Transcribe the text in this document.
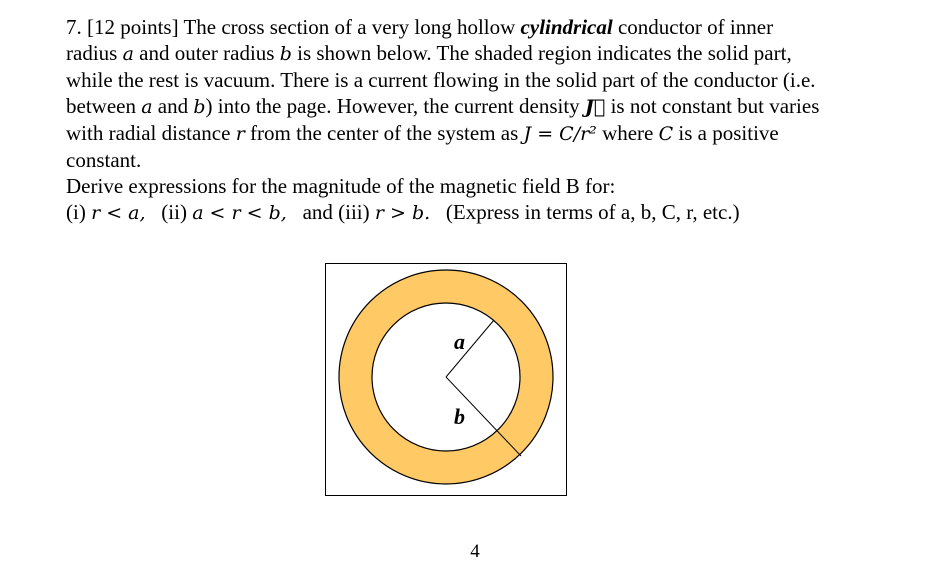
7. [12 points] The cross section of a very long hollow cylindrical conductor of inner
radius a and outer radius b is shown below. The shaded region indicates the solid part,
while the rest is vacuum. There is a current flowing in the solid part of the conductor (i.e.
between a and b) into the page. However, the current density J⃗ is not constant but varies
with radial distance r from the center of the system as J = C/r² where C is a positive
constant.
Derive expressions for the magnitude of the magnetic field B for:
(i) r < a, (ii) a < r < b, and (iii) r > b. (Express in terms of a, b, C, r, etc.)
a
b
4
